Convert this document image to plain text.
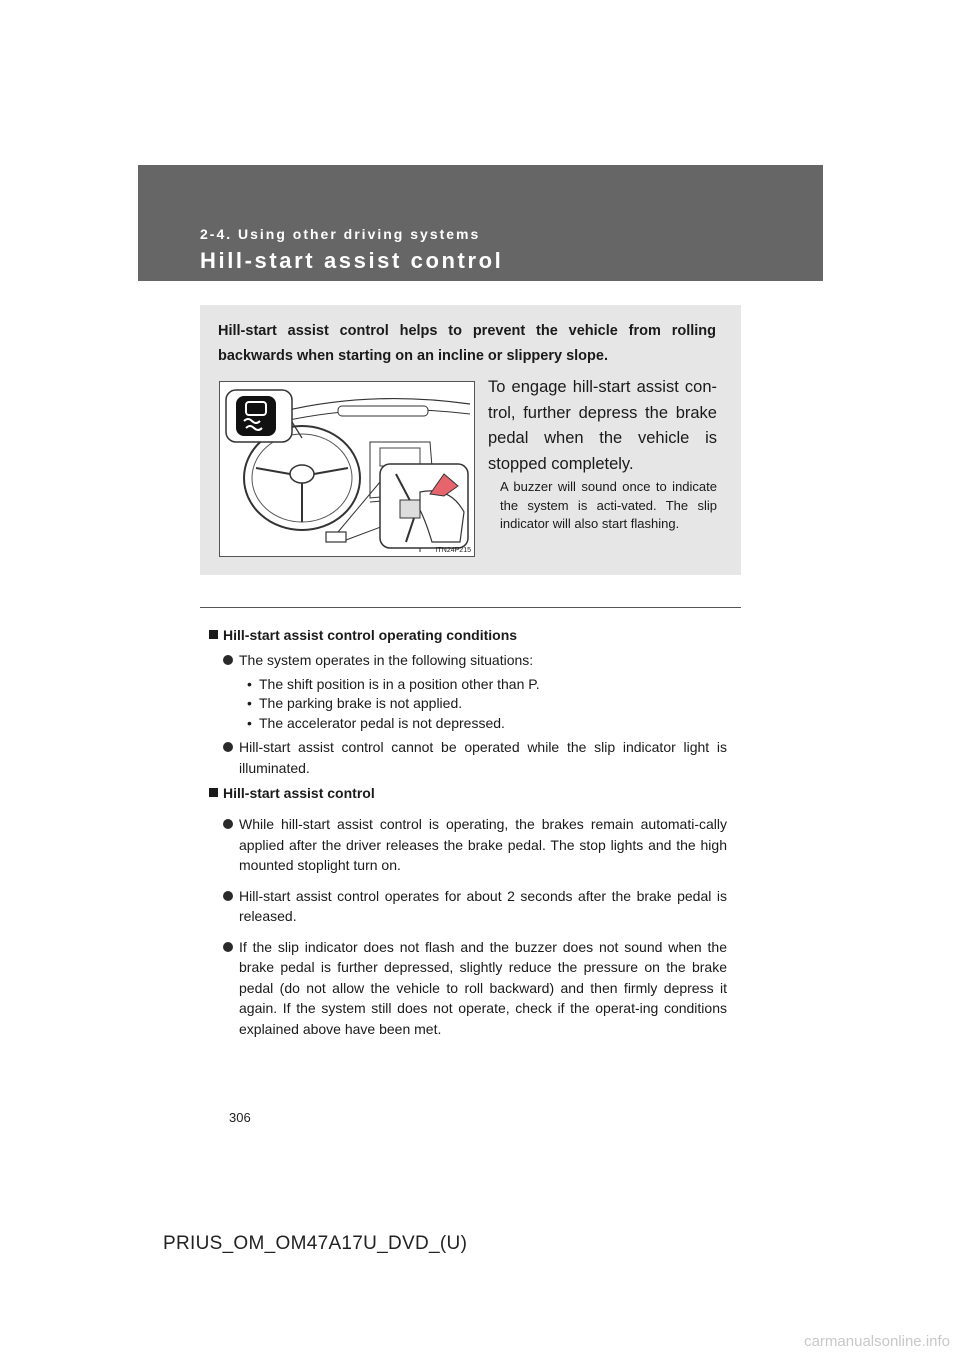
2-4. Using other driving systems
Hill-start assist control
Hill-start assist control helps to prevent the vehicle from rolling backwards when starting on an incline or slippery slope.
ITN24P215
To engage hill-start assist con-trol, further depress the brake pedal when the vehicle is stopped completely.
A buzzer will sound once to indicate the system is acti-vated. The slip indicator will also start flashing.
Hill-start assist control operating conditions
The system operates in the following situations:
• The shift position is in a position other than P.
• The parking brake is not applied.
• The accelerator pedal is not depressed.
Hill-start assist control cannot be operated while the slip indicator light is illuminated.
Hill-start assist control
While hill-start assist control is operating, the brakes remain automati-cally applied after the driver releases the brake pedal. The stop lights and the high mounted stoplight turn on.
Hill-start assist control operates for about 2 seconds after the brake pedal is released.
If the slip indicator does not flash and the buzzer does not sound when the brake pedal is further depressed, slightly reduce the pressure on the brake pedal (do not allow the vehicle to roll backward) and then firmly depress it again. If the system still does not operate, check if the operat-ing conditions explained above have been met.
306
PRIUS_OM_OM47A17U_DVD_(U)
carmanualsonline.info
